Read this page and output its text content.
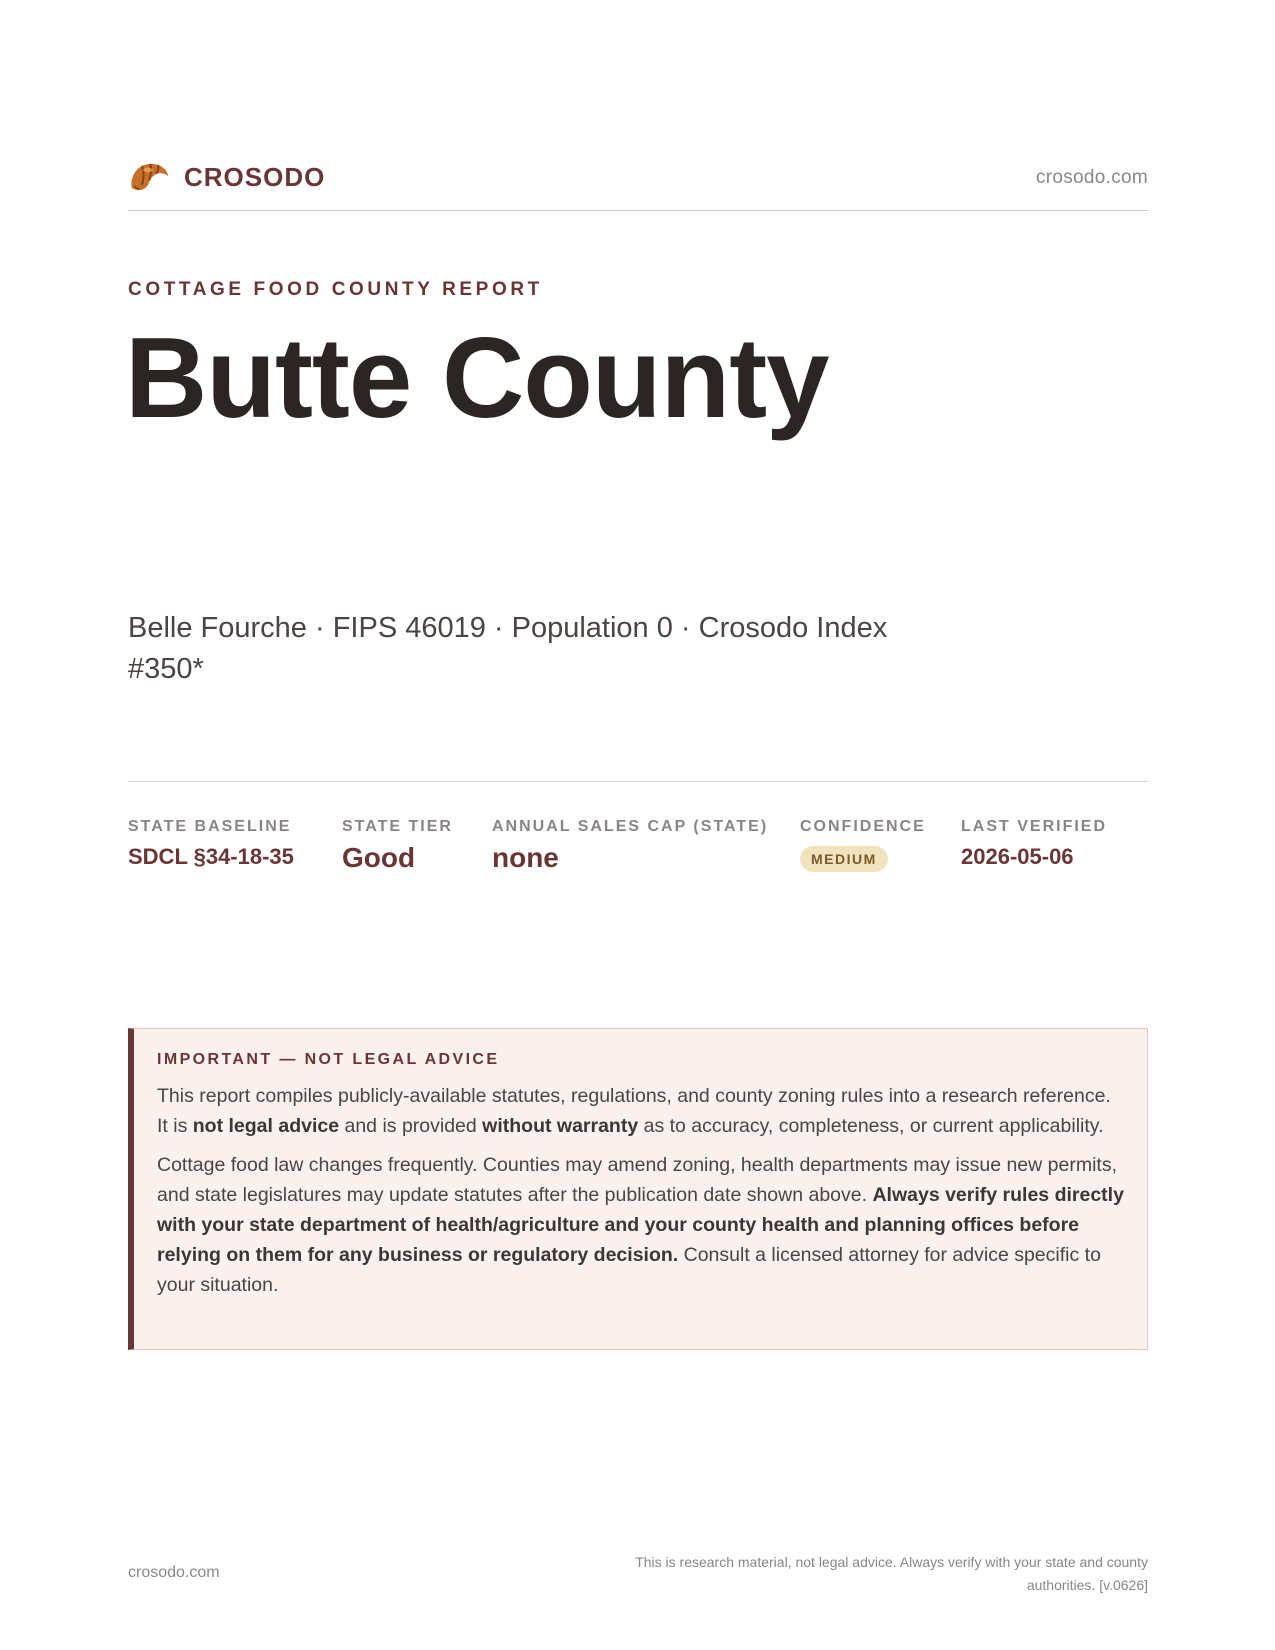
CROSODO	crosodo.com
COTTAGE FOOD COUNTY REPORT
Butte County
Belle Fourche · FIPS 46019 · Population 0 · Crosodo Index #350*
STATE BASELINE
SDCL §34-18-35
STATE TIER
Good
ANNUAL SALES CAP (STATE)
none
CONFIDENCE
MEDIUM
LAST VERIFIED
2026-05-06
IMPORTANT — NOT LEGAL ADVICE

This report compiles publicly-available statutes, regulations, and county zoning rules into a research reference. It is not legal advice and is provided without warranty as to accuracy, completeness, or current applicability.

Cottage food law changes frequently. Counties may amend zoning, health departments may issue new permits, and state legislatures may update statutes after the publication date shown above. Always verify rules directly with your state department of health/agriculture and your county health and planning offices before relying on them for any business or regulatory decision. Consult a licensed attorney for advice specific to your situation.

crosodo.com
This is research material, not legal advice. Always verify with your state and county authorities. [v.0626]
